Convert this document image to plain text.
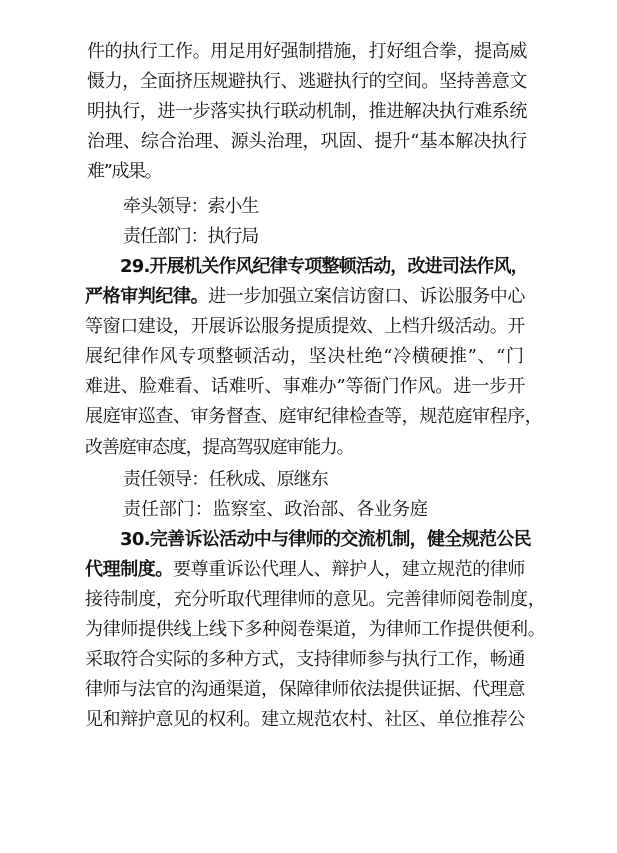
件的执行工作。用足用好强制措施，打好组合拳，提高威
慑力，全面挤压规避执行、逃避执行的空间。坚持善意文
明执行，进一步落实执行联动机制，推进解决执行难系统
治理、综合治理、源头治理，巩固、提升“基本解决执行
难”成果。
牵头领导：索小生
责任部门：执行局
29.开展机关作风纪律专项整顿活动，改进司法作风，
严格审判纪律。进一步加强立案信访窗口、诉讼服务中心
等窗口建设，开展诉讼服务提质提效、上档升级活动。开
展纪律作风专项整顿活动，坚决杜绝“冷横硬推”、“门
难进、脸难看、话难听、事难办”等衙门作风。进一步开
展庭审巡查、审务督查、庭审纪律检查等，规范庭审程序，
改善庭审态度，提高驾驭庭审能力。
责任领导：任秋成、原继东
责任部门：监察室、政治部、各业务庭
30.完善诉讼活动中与律师的交流机制，健全规范公民
代理制度。要尊重诉讼代理人、辩护人，建立规范的律师
接待制度，充分听取代理律师的意见。完善律师阅卷制度，
为律师提供线上线下多种阅卷渠道，为律师工作提供便利。
采取符合实际的多种方式，支持律师参与执行工作，畅通
律师与法官的沟通渠道，保障律师依法提供证据、代理意
见和辩护意见的权利。建立规范农村、社区、单位推荐公
